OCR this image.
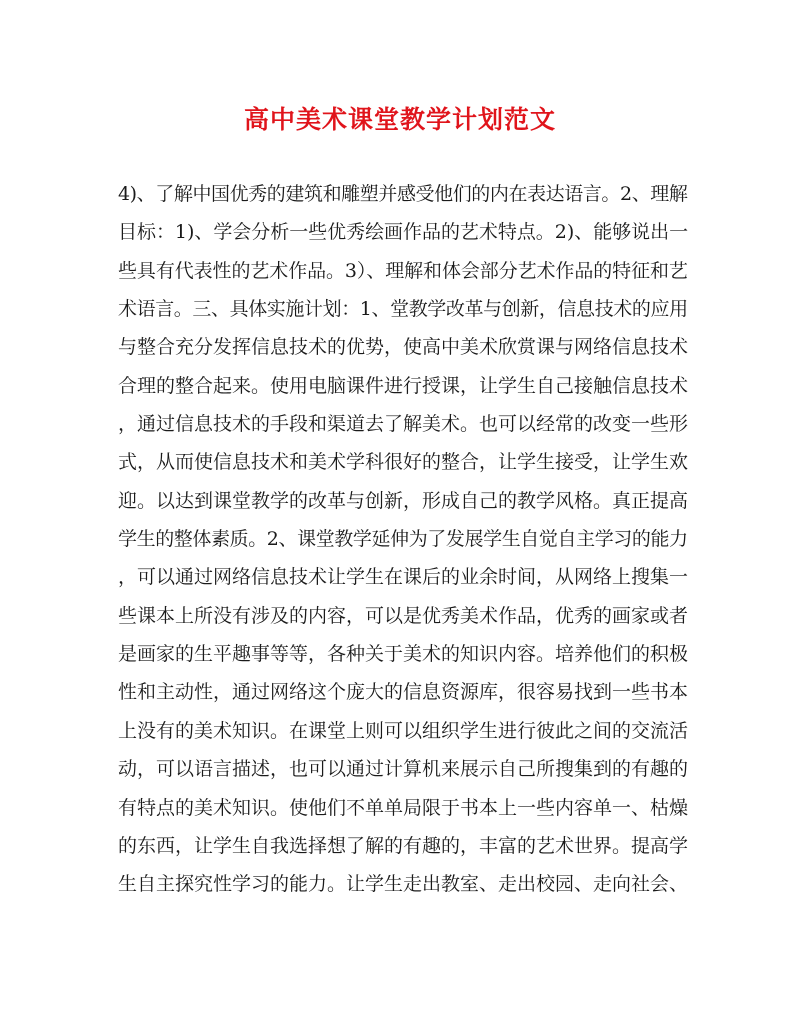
高中美术课堂教学计划范文
4)、了解中国优秀的建筑和雕塑并感受他们的内在表达语言。2、理解
目标：1)、学会分析一些优秀绘画作品的艺术特点。2)、能够说出一
些具有代表性的艺术作品。3）、理解和体会部分艺术作品的特征和艺
术语言。三、具体实施计划：1、堂教学改革与创新，信息技术的应用
与整合充分发挥信息技术的优势，使高中美术欣赏课与网络信息技术
合理的整合起来。使用电脑课件进行授课，让学生自己接触信息技术
，通过信息技术的手段和渠道去了解美术。也可以经常的改变一些形
式，从而使信息技术和美术学科很好的整合，让学生接受，让学生欢
迎。以达到课堂教学的改革与创新，形成自己的教学风格。真正提高
学生的整体素质。2、课堂教学延伸为了发展学生自觉自主学习的能力
，可以通过网络信息技术让学生在课后的业余时间，从网络上搜集一
些课本上所没有涉及的内容，可以是优秀美术作品，优秀的画家或者
是画家的生平趣事等等，各种关于美术的知识内容。培养他们的积极
性和主动性，通过网络这个庞大的信息资源库，很容易找到一些书本
上没有的美术知识。在课堂上则可以组织学生进行彼此之间的交流活
动，可以语言描述，也可以通过计算机来展示自己所搜集到的有趣的
有特点的美术知识。使他们不单单局限于书本上一些内容单一、枯燥
的东西，让学生自我选择想了解的有趣的，丰富的艺术世界。提高学
生自主探究性学习的能力。让学生走出教室、走出校园、走向社会、
